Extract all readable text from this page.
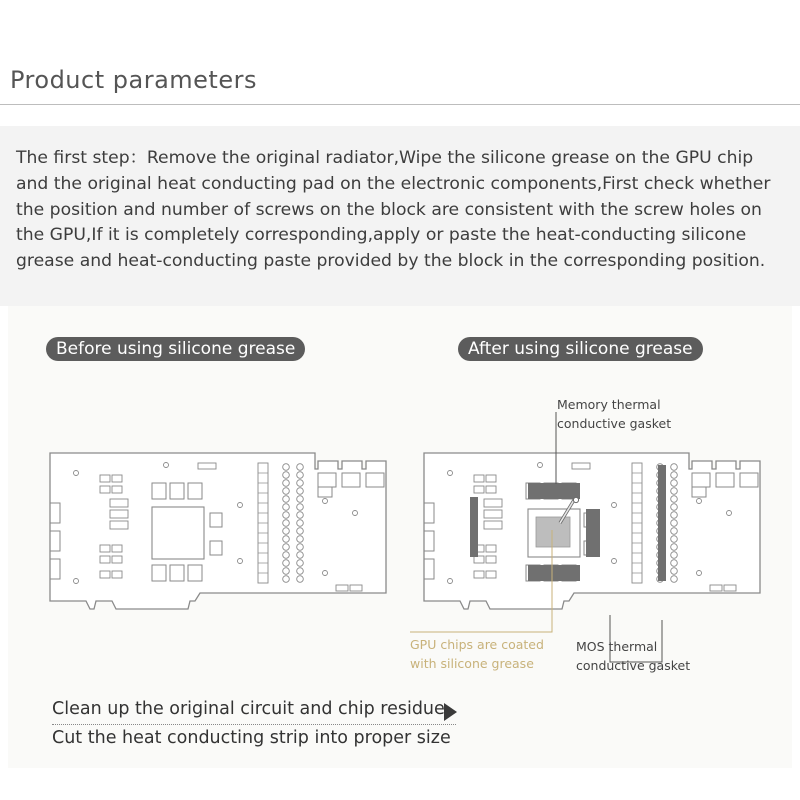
Product parameters

The first step：Remove the original radiator,Wipe the silicone grease on the GPU chip and the original heat conducting pad on the electronic components,First check whether the position and number of screws on the block are consistent with the screw holes on the GPU,If it is completely corresponding,apply or paste the heat-conducting silicone grease and heat-conducting paste provided by the block in the corresponding position.

Before using silicone grease	After using silicone grease
Memory thermal
conductive gasket
GPU chips are coated
with silicone grease
MOS thermal
conductive gasket

Clean up the original circuit and chip residue

Cut the heat conducting strip into proper size
